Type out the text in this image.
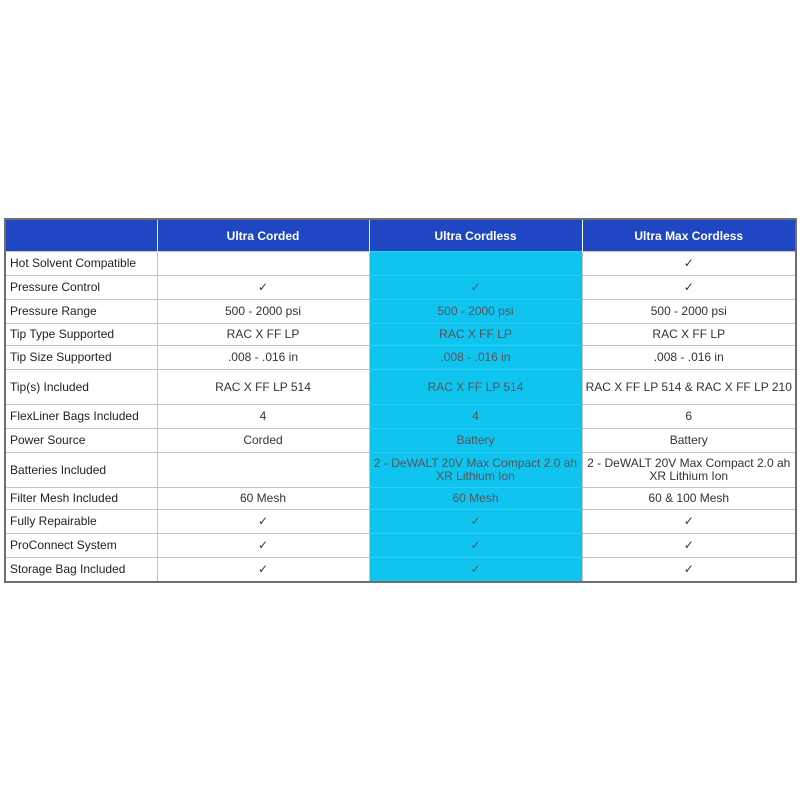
	Ultra Corded	Ultra Cordless	Ultra Max Cordless
Hot Solvent Compatible			✓
Pressure Control	✓	✓	✓
Pressure Range	500 - 2000 psi	500 - 2000 psi	500 - 2000 psi
Tip Type Supported	RAC X FF LP	RAC X FF LP	RAC X FF LP
Tip Size Supported	.008 - .016 in	.008 - .016 in	.008 - .016 in
Tip(s) Included	RAC X FF LP 514	RAC X FF LP 514	RAC X FF LP 514 & RAC X FF LP 210
FlexLiner Bags Included	4	4	6
Power Source	Corded	Battery	Battery
Batteries Included		2 - DeWALT 20V Max Compact 2.0 ah XR Lithium Ion	2 - DeWALT 20V Max Compact 2.0 ah XR Lithium Ion
Filter Mesh Included	60 Mesh	60 Mesh	60 & 100 Mesh
Fully Repairable	✓	✓	✓
ProConnect System	✓	✓	✓
Storage Bag Included	✓	✓	✓
